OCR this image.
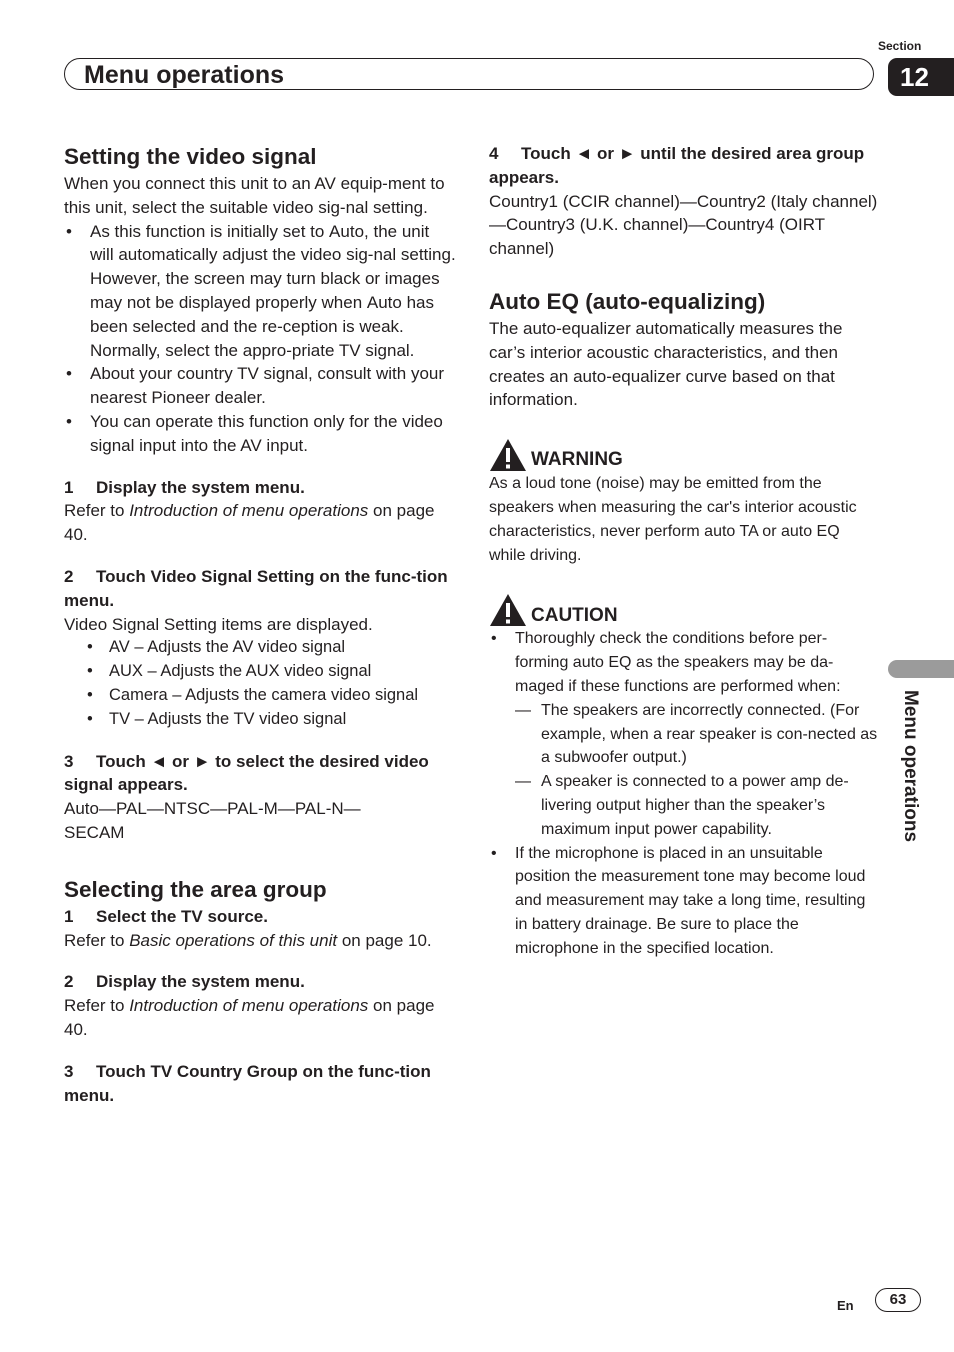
Section
Menu operations	12
Setting the video signal

When you connect this unit to an AV equip-ment to this unit, select the suitable video sig-nal setting.

• As this function is initially set to Auto, the unit will automatically adjust the video sig-nal setting.
However, the screen may turn black or images may not be displayed properly when Auto has been selected and the re-ception is weak. Normally, select the appro-priate TV signal.
• About your country TV signal, consult with your nearest Pioneer dealer.
• You can operate this function only for the video signal input into the AV input.

1 Display the system menu.

Refer to Introduction of menu operations on page 40.

2 Touch Video Signal Setting on the func-tion menu.

Video Signal Setting items are displayed.

• AV – Adjusts the AV video signal
• AUX – Adjusts the AUX video signal
• Camera – Adjusts the camera video signal
• TV – Adjusts the TV video signal

3 Touch ◄ or ► to select the desired video signal appears.

Auto—PAL—NTSC—PAL-M—PAL-N—
SECAM

Selecting the area group

1 Select the TV source.

Refer to Basic operations of this unit on page 10.

2 Display the system menu.

Refer to Introduction of menu operations on page 40.

3 Touch TV Country Group on the func-tion menu.

4 Touch ◄ or ► until the desired area group appears.

Country1 (CCIR channel)—Country2 (Italy channel)—Country3 (U.K. channel)—Country4 (OIRT channel)

Auto EQ (auto-equalizing)

The auto-equalizer automatically measures the car’s interior acoustic characteristics, and then creates an auto-equalizer curve based on that information.

WARNING

As a loud tone (noise) may be emitted from the speakers when measuring the car's interior acoustic characteristics, never perform auto TA or auto EQ while driving.

CAUTION

• Thoroughly check the conditions before per-forming auto EQ as the speakers may be da-maged if these functions are performed when:
— The speakers are incorrectly connected. (For example, when a rear speaker is con-nected as a subwoofer output.)
— A speaker is connected to a power amp de-livering output higher than the speaker’s maximum input power capability.
• If the microphone is placed in an unsuitable position the measurement tone may become loud and measurement may take a long time, resulting in battery drainage. Be sure to place the microphone in the specified location.
Menu operations
En	63
